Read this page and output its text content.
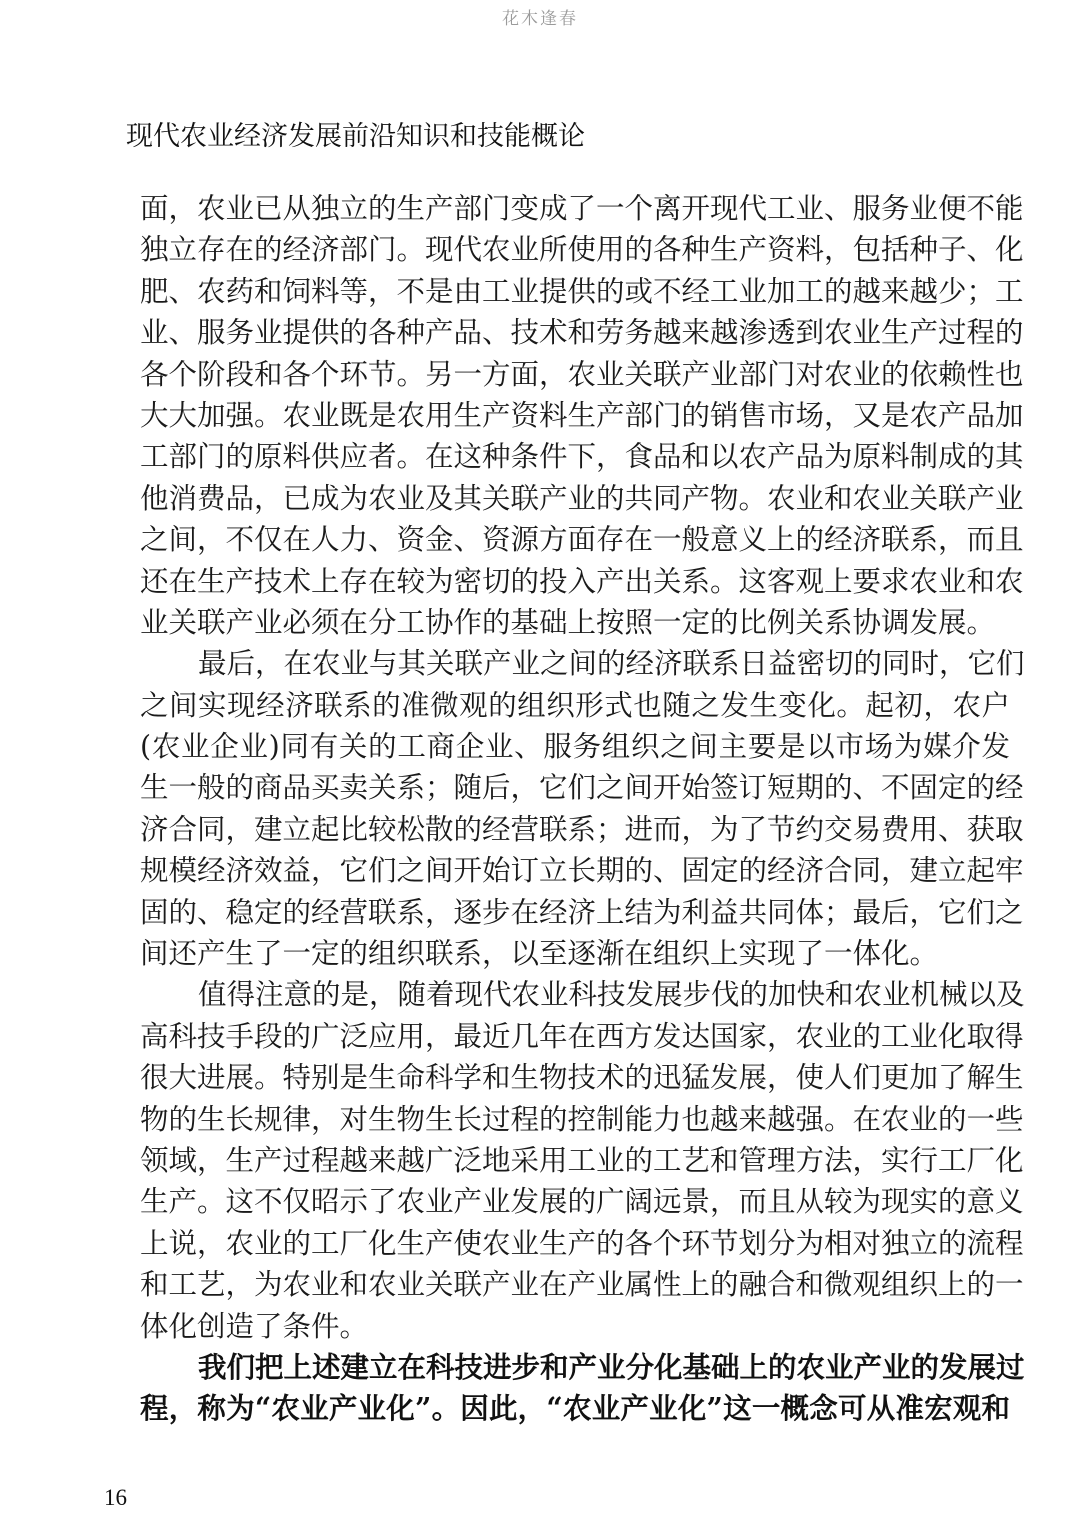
花木逢春
现代农业经济发展前沿知识和技能概论
面，农业已从独立的生产部门变成了一个离开现代工业、服务业便不能
独立存在的经济部门。现代农业所使用的各种生产资料，包括种子、化
肥、农药和饲料等，不是由工业提供的或不经工业加工的越来越少；工
业、服务业提供的各种产品、技术和劳务越来越渗透到农业生产过程的
各个阶段和各个环节。另一方面，农业关联产业部门对农业的依赖性也
大大加强。农业既是农用生产资料生产部门的销售市场，又是农产品加
工部门的原料供应者。在这种条件下，食品和以农产品为原料制成的其
他消费品，已成为农业及其关联产业的共同产物。农业和农业关联产业
之间，不仅在人力、资金、资源方面存在一般意义上的经济联系，而且
还在生产技术上存在较为密切的投入产出关系。这客观上要求农业和农
业关联产业必须在分工协作的基础上按照一定的比例关系协调发展。
最后，在农业与其关联产业之间的经济联系日益密切的同时，它们
之间实现经济联系的准微观的组织形式也随之发生变化。起初，农户
(农业企业)同有关的工商企业、服务组织之间主要是以市场为媒介发
生一般的商品买卖关系；随后，它们之间开始签订短期的、不固定的经
济合同，建立起比较松散的经营联系；进而，为了节约交易费用、获取
规模经济效益，它们之间开始订立长期的、固定的经济合同，建立起牢
固的、稳定的经营联系，逐步在经济上结为利益共同体；最后，它们之
间还产生了一定的组织联系，以至逐渐在组织上实现了一体化。
值得注意的是，随着现代农业科技发展步伐的加快和农业机械以及
高科技手段的广泛应用，最近几年在西方发达国家，农业的工业化取得
很大进展。特别是生命科学和生物技术的迅猛发展，使人们更加了解生
物的生长规律，对生物生长过程的控制能力也越来越强。在农业的一些
领域，生产过程越来越广泛地采用工业的工艺和管理方法，实行工厂化
生产。这不仅昭示了农业产业发展的广阔远景，而且从较为现实的意义
上说，农业的工厂化生产使农业生产的各个环节划分为相对独立的流程
和工艺，为农业和农业关联产业在产业属性上的融合和微观组织上的一
体化创造了条件。
我们把上述建立在科技进步和产业分化基础上的农业产业的发展过
程，称为“农业产业化”。因此，“农业产业化”这一概念可从准宏观和
16
